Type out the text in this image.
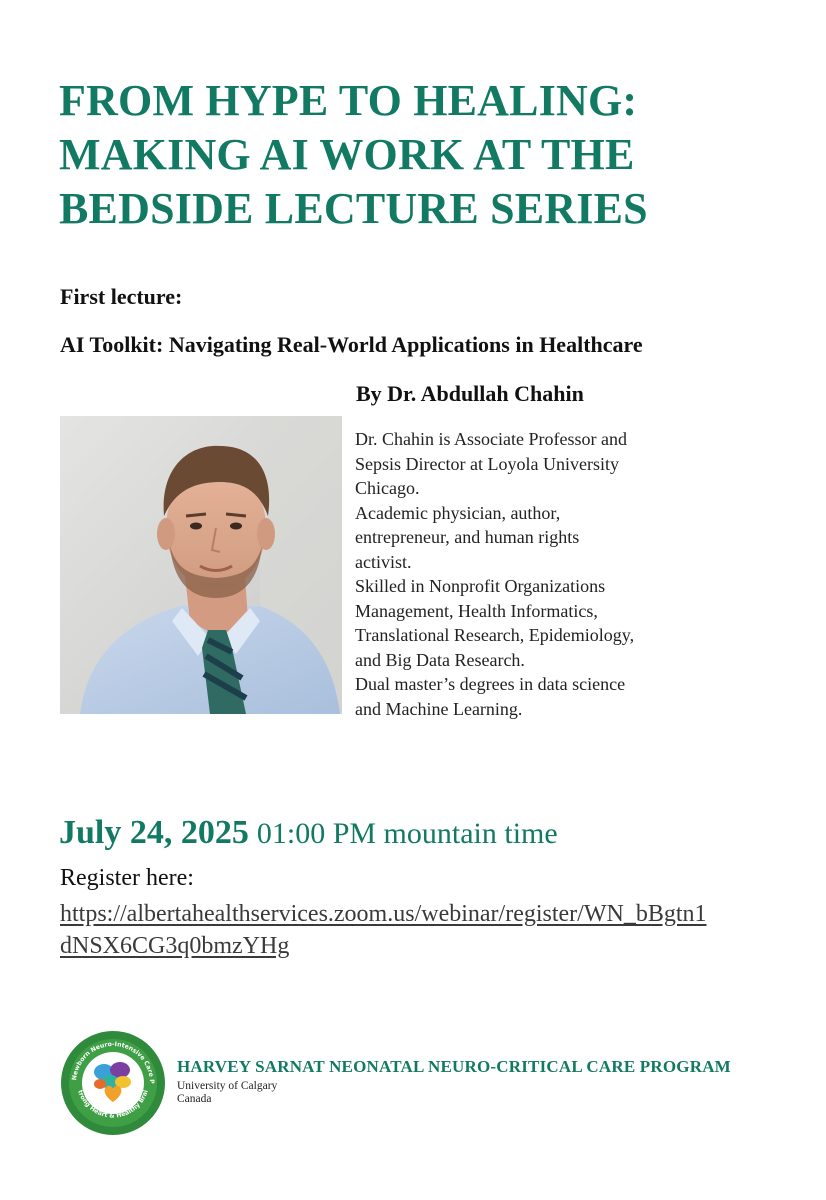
FROM HYPE TO HEALING:
MAKING AI WORK AT THE
BEDSIDE LECTURE SERIES
First lecture:
AI Toolkit: Navigating Real-World Applications in Healthcare
By Dr. Abdullah Chahin
Dr. Chahin is Associate Professor and
Sepsis Director at Loyola University
Chicago.
Academic physician, author,
entrepreneur, and human rights
activist.
Skilled in Nonprofit Organizations
Management, Health Informatics,
Translational Research, Epidemiology,
and Big Data Research.
Dual master’s degrees in data science
and Machine Learning.
July 24, 2025 01:00 PM mountain time
Register here:
https://albertahealthservices.zoom.us/webinar/register/WN_bBgtn1
dNSX6CG3q0bmzYHg
Newborn Neuro-Intensive Care P
trong Heart & Healthy Brai
HARVEY SARNAT NEONATAL NEURO-CRITICAL CARE PROGRAM
University of Calgary
Canada
